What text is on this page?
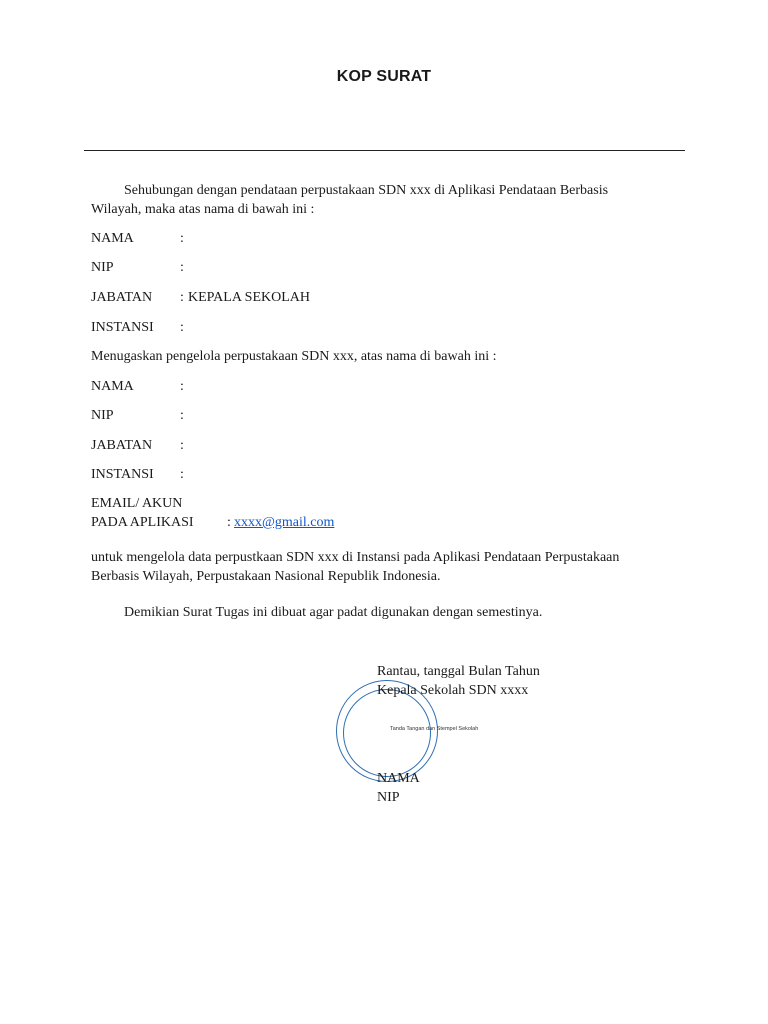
KOP SURAT
Sehubungan dengan pendataan perpustakaan SDN xxx di Aplikasi Pendataan Berbasis
Wilayah, maka atas nama di bawah ini :
NAMA	:
NIP	:
JABATAN : KEPALA SEKOLAH
INSTANSI :
Menugaskan pengelola perpustakaan SDN xxx, atas nama di bawah ini :
NAMA	:
NIP	:
JABATAN :
INSTANSI :
EMAIL/ AKUN
PADA APLIKASI : xxxx@gmail.com
untuk mengelola data perpustkaan SDN xxx di Instansi pada Aplikasi Pendataan Perpustakaan
Berbasis Wilayah, Perpustakaan Nasional Republik Indonesia.
Demikian Surat Tugas ini dibuat agar padat digunakan dengan semestinya.
Rantau, tanggal Bulan Tahun
Kepala Sekolah SDN xxxx
Tanda Tangan dan Stempel Sekolah
NAMA
NIP
